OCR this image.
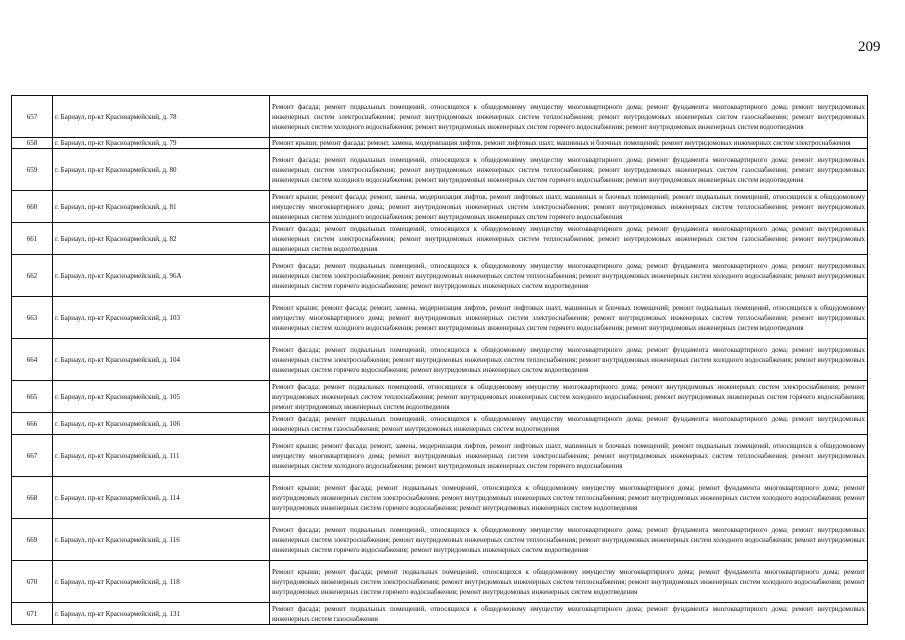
209
657	г. Барнаул, пр-кт Красноармейский, д. 78	Ремонт фасада; ремонт подвальных помещений, относящихся к общедомовому имуществу многоквартирного дома; ремонт фундамента многоквартирного дома; ремонт внутридомовых инженерных систем электроснабжения; ремонт внутридомовых инженерных систем теплоснабжения; ремонт внутридомовых инженерных систем газоснабжения; ремонт внутридомовых инженерных систем холодного водоснабжения; ремонт внутридомовых инженерных систем горячего водоснабжения; ремонт внутридомовых инженерных систем водоотведения

658	г. Барнаул, пр-кт Красноармейский, д. 79	Ремонт крыши; ремонт фасада; ремонт, замена, модернизация лифтов, ремонт лифтовых шахт, машинных и блочных помещений; ремонт внутридомовых инженерных систем электроснабжения

659	г. Барнаул, пр-кт Красноармейский, д. 80	Ремонт фасада; ремонт подвальных помещений, относящихся к общедомовому имуществу многоквартирного дома; ремонт фундамента многоквартирного дома; ремонт внутридомовых инженерных систем электроснабжения; ремонт внутридомовых инженерных систем теплоснабжения; ремонт внутридомовых инженерных систем газоснабжения; ремонт внутридомовых инженерных систем холодного водоснабжения; ремонт внутридомовых инженерных систем горячего водоснабжения; ремонт внутридомовых инженерных систем водоотведения

660	г. Барнаул, пр-кт Красноармейский, д. 81	Ремонт крыши; ремонт фасада; ремонт, замена, модернизация лифтов, ремонт лифтовых шахт, машинных и блочных помещений; ремонт подвальных помещений, относящихся к общедомовому имуществу многоквартирного дома; ремонт внутридомовых инженерных систем электроснабжения; ремонт внутридомовых инженерных систем теплоснабжения; ремонт внутридомовых инженерных систем холодного водоснабжения; ремонт внутридомовых инженерных систем горячего водоснабжения

661	г. Барнаул, пр-кт Красноармейский, д. 82	Ремонт фасада; ремонт подвальных помещений, относящихся к общедомовому имуществу многоквартирного дома; ремонт фундамента многоквартирного дома; ремонт внутридомовых инженерных систем электроснабжения; ремонт внутридомовых инженерных систем теплоснабжения; ремонт внутридомовых инженерных систем газоснабжения; ремонт внутридомовых инженерных систем водоотведения

662	г. Барнаул, пр-кт Красноармейский, д. 96А	Ремонт фасада; ремонт подвальных помещений, относящихся к общедомовому имуществу многоквартирного дома; ремонт фундамента многоквартирного дома; ремонт внутридомовых инженерных систем электроснабжения; ремонт внутридомовых инженерных систем теплоснабжения; ремонт внутридомовых инженерных систем холодного водоснабжения; ремонт внутридомовых инженерных систем горячего водоснабжения; ремонт внутридомовых инженерных систем водоотведения

663	г. Барнаул, пр-кт Красноармейский, д. 103	Ремонт крыши; ремонт фасада; ремонт, замена, модернизация лифтов, ремонт лифтовых шахт, машинных и блочных помещений; ремонт подвальных помещений, относящихся к общедомовому имуществу многоквартирного дома; ремонт внутридомовых инженерных систем электроснабжения; ремонт внутридомовых инженерных систем теплоснабжения; ремонт внутридомовых инженерных систем холодного водоснабжения; ремонт внутридомовых инженерных систем горячего водоснабжения; ремонт внутридомовых инженерных систем водоотведения

664	г. Барнаул, пр-кт Красноармейский, д. 104	Ремонт фасада; ремонт подвальных помещений, относящихся к общедомовому имуществу многоквартирного дома; ремонт фундамента многоквартирного дома; ремонт внутридомовых инженерных систем электроснабжения; ремонт внутридомовых инженерных систем теплоснабжения; ремонт внутридомовых инженерных систем холодного водоснабжения; ремонт внутридомовых инженерных систем горячего водоснабжения; ремонт внутридомовых инженерных систем водоотведения

665	г. Барнаул, пр-кт Красноармейский, д. 105	Ремонт фасада; ремонт подвальных помещений, относящихся к общедомовому имуществу многоквартирного дома; ремонт внутридомовых инженерных систем электроснабжения; ремонт внутридомовых инженерных систем теплоснабжения; ремонт внутридомовых инженерных систем холодного водоснабжения; ремонт внутридомовых инженерных систем горячего водоснабжения; ремонт внутридомовых инженерных систем водоотведения

666	г. Барнаул, пр-кт Красноармейский, д. 106	Ремонт фасада; ремонт подвальных помещений, относящихся к общедомовому имуществу многоквартирного дома; ремонт фундамента многоквартирного дома; ремонт внутридомовых инженерных систем газоснабжения; ремонт внутридомовых инженерных систем водоотведения

667	г. Барнаул, пр-кт Красноармейский, д. 111	Ремонт крыши; ремонт фасада; ремонт, замена, модернизация лифтов, ремонт лифтовых шахт, машинных и блочных помещений; ремонт подвальных помещений, относящихся к общедомовому имуществу многоквартирного дома; ремонт внутридомовых инженерных систем электроснабжения; ремонт внутридомовых инженерных систем теплоснабжения; ремонт внутридомовых инженерных систем холодного водоснабжения; ремонт внутридомовых инженерных систем горячего водоснабжения

668	г. Барнаул, пр-кт Красноармейский, д. 114	Ремонт крыши; ремонт фасада; ремонт подвальных помещений, относящихся к общедомовому имуществу многоквартирного дома; ремонт фундамента многоквартирного дома; ремонт внутридомовых инженерных систем электроснабжения; ремонт внутридомовых инженерных систем теплоснабжения; ремонт внутридомовых инженерных систем холодного водоснабжения; ремонт внутридомовых инженерных систем горячего водоснабжения; ремонт внутридомовых инженерных систем водоотведения

669	г. Барнаул, пр-кт Красноармейский, д. 116	Ремонт фасада; ремонт подвальных помещений, относящихся к общедомовому имуществу многоквартирного дома; ремонт фундамента многоквартирного дома; ремонт внутридомовых инженерных систем электроснабжения; ремонт внутридомовых инженерных систем теплоснабжения; ремонт внутридомовых инженерных систем холодного водоснабжения; ремонт внутридомовых инженерных систем горячего водоснабжения; ремонт внутридомовых инженерных систем водоотведения

670	г. Барнаул, пр-кт Красноармейский, д. 118	Ремонт крыши; ремонт фасада; ремонт подвальных помещений, относящихся к общедомовому имуществу многоквартирного дома; ремонт фундамента многоквартирного дома; ремонт внутридомовых инженерных систем электроснабжения; ремонт внутридомовых инженерных систем теплоснабжения; ремонт внутридомовых инженерных систем холодного водоснабжения; ремонт внутридомовых инженерных систем горячего водоснабжения; ремонт внутридомовых инженерных систем водоотведения

671	г. Барнаул, пр-кт Красноармейский, д. 131	Ремонт фасада; ремонт подвальных помещений, относящихся к общедомовому имуществу многоквартирного дома; ремонт фундамента многоквартирного дома; ремонт внутридомовых инженерных систем газоснабжения
